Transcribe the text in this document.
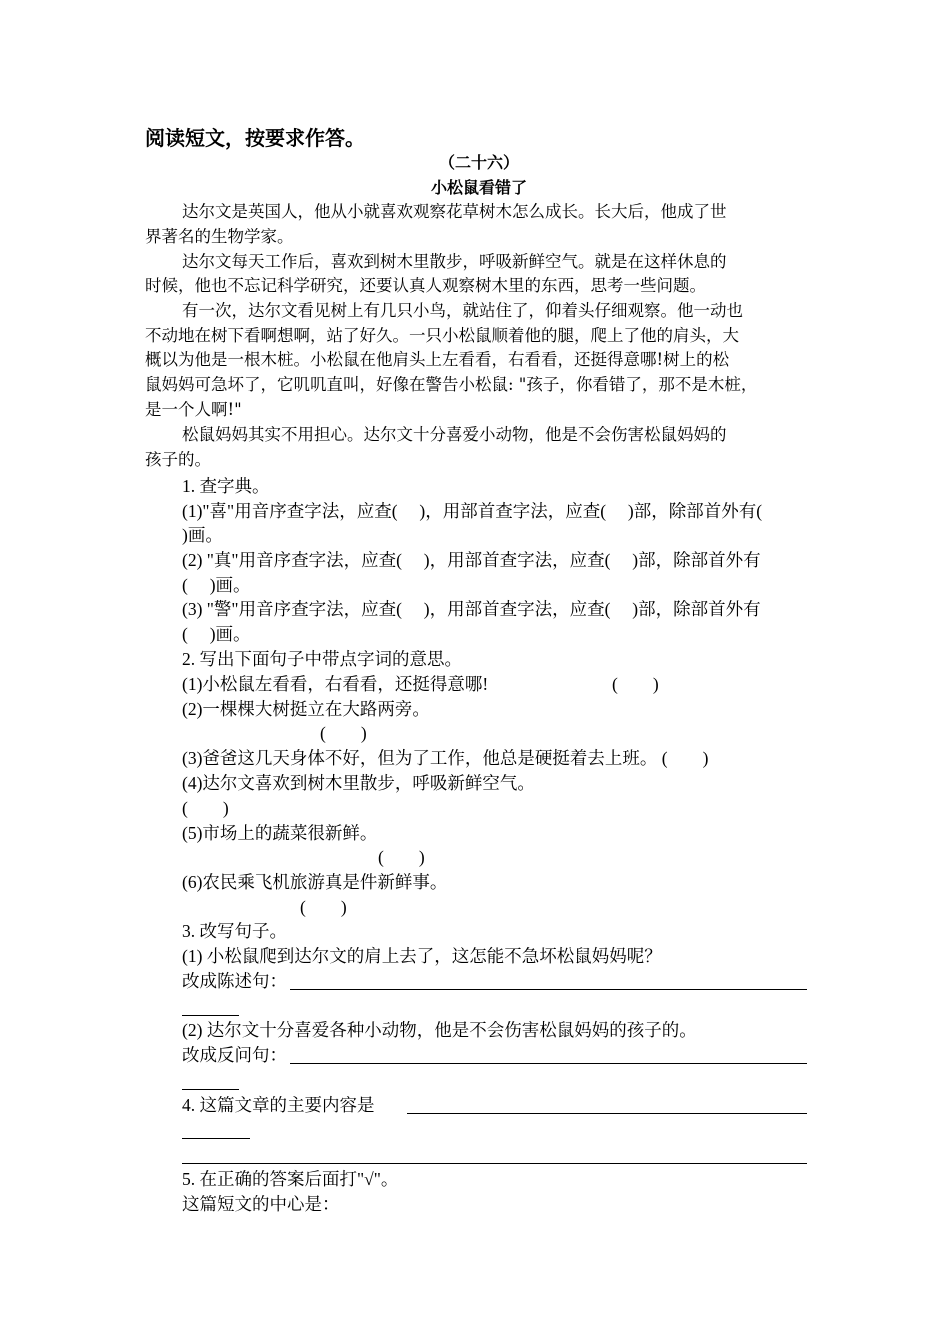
阅读短文，按要求作答。
（二十六）
小松鼠看错了
达尔文是英国人，他从小就喜欢观察花草树木怎么成长。长大后，他成了世
界著名的生物学家。
达尔文每天工作后，喜欢到树木里散步，呼吸新鲜空气。就是在这样休息的
时候，他也不忘记科学研究，还要认真人观察树木里的东西，思考一些问题。
有一次，达尔文看见树上有几只小鸟，就站住了，仰着头仔细观察。他一动也
不动地在树下看啊想啊，站了好久。一只小松鼠顺着他的腿，爬上了他的肩头，大
概以为他是一根木桩。小松鼠在他肩头上左看看，右看看，还挺得意哪!树上的松
鼠妈妈可急坏了，它叽叽直叫，好像在警告小松鼠: "孩子，你看错了，那不是木桩，
是一个人啊!"
松鼠妈妈其实不用担心。达尔文十分喜爱小动物，他是不会伤害松鼠妈妈的
孩子的。
1. 查字典。
(1)"喜"用音序查字法，应查(　 )，用部首查字法，应查(　 )部，除部首外有(
)画。
(2) "真"用音序查字法，应查(　 )，用部首查字法，应查(　 )部，除部首外有
(　 )画。
(3) "警"用音序查字法，应查(　 )，用部首查字法，应查(　 )部，除部首外有
(　 )画。
2. 写出下面句子中带点字词的意思。
(1)小松鼠左看看，右看看，还挺得意哪!	(　　)
(2)一棵棵大树挺立在大路两旁。
(　　)
(3)爸爸这几天身体不好，但为了工作，他总是硬挺着去上班。 (　　)
(4)达尔文喜欢到树木里散步，呼吸新鲜空气。
(　　)
(5)市场上的蔬菜很新鲜。
(　　)
(6)农民乘飞机旅游真是件新鲜事。
(　　)
3. 改写句子。
(1) 小松鼠爬到达尔文的肩上去了，这怎能不急坏松鼠妈妈呢？
改成陈述句：
(2) 达尔文十分喜爱各种小动物，他是不会伤害松鼠妈妈的孩子的。
改成反问句：
4. 这篇文章的主要内容是
5. 在正确的答案后面打"√"。
这篇短文的中心是：
